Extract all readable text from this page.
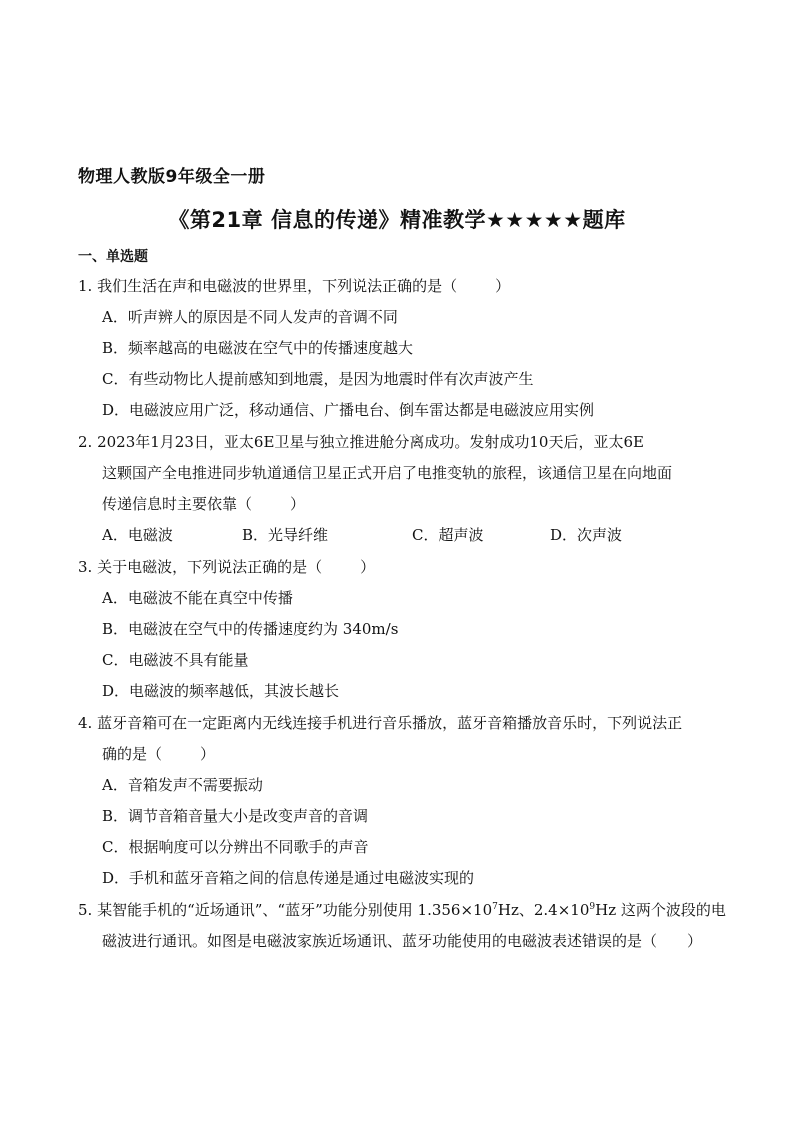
物理人教版9年级全一册
《第21章 信息的传递》精准教学★★★★★题库
一、单选题
1. 我们生活在声和电磁波的世界里，下列说法正确的是（	）
A．听声辨人的原因是不同人发声的音调不同
B．频率越高的电磁波在空气中的传播速度越大
C．有些动物比人提前感知到地震，是因为地震时伴有次声波产生
D．电磁波应用广泛，移动通信、广播电台、倒车雷达都是电磁波应用实例
2. 2023年1月23日，亚太6E卫星与独立推进舱分离成功。发射成功10天后，亚太6E
这颗国产全电推进同步轨道通信卫星正式开启了电推变轨的旅程，该通信卫星在向地面
传递信息时主要依靠（	）
A．电磁波	B．光导纤维	C．超声波	D．次声波
3. 关于电磁波，下列说法正确的是（	）
A．电磁波不能在真空中传播
B．电磁波在空气中的传播速度约为 340m/s
C．电磁波不具有能量
D．电磁波的频率越低，其波长越长
4. 蓝牙音箱可在一定距离内无线连接手机进行音乐播放，蓝牙音箱播放音乐时，下列说法正
确的是（	）
A．音箱发声不需要振动
B．调节音箱音量大小是改变声音的音调
C．根据响度可以分辨出不同歌手的声音
D．手机和蓝牙音箱之间的信息传递是通过电磁波实现的
5. 某智能手机的“近场通讯”、“蓝牙”功能分别使用 $1.356\times 10^7Hz$、$2.4\times 10^9Hz$ 这两个波段的电
磁波进行通讯。如图是电磁波家族近场通讯、蓝牙功能使用的电磁波表述错误的是（ ）
